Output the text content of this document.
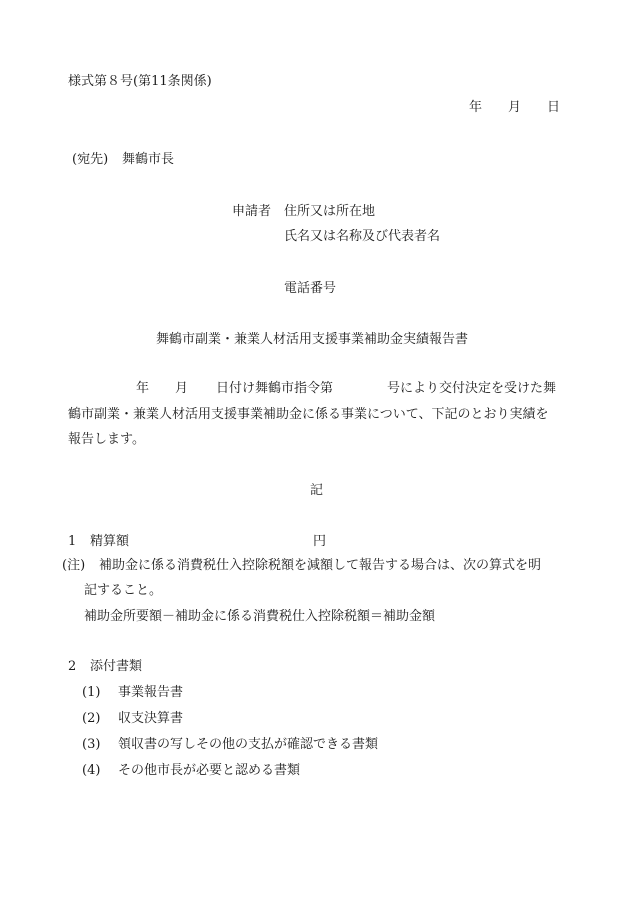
様式第８号(第11条関係)
年 月 日
(宛先) 舞鶴市長
申請者 住所又は所在地
氏名又は名称及び代表者名
電話番号
舞鶴市副業・兼業人材活用支援事業補助金実績報告書
年 月 日付け舞鶴市指令第	号により交付決定を受けた舞
鶴市副業・兼業人材活用支援事業補助金に係る事業について、下記のとおり実績を
報告します。
記
1 精算額	円
(注) 補助金に係る消費税仕入控除税額を減額して報告する場合は、次の算式を明
記すること。
補助金所要額－補助金に係る消費税仕入控除税額＝補助金額
2 添付書類
(1) 事業報告書
(2) 収支決算書
(3) 領収書の写しその他の支払が確認できる書類
(4) その他市長が必要と認める書類
